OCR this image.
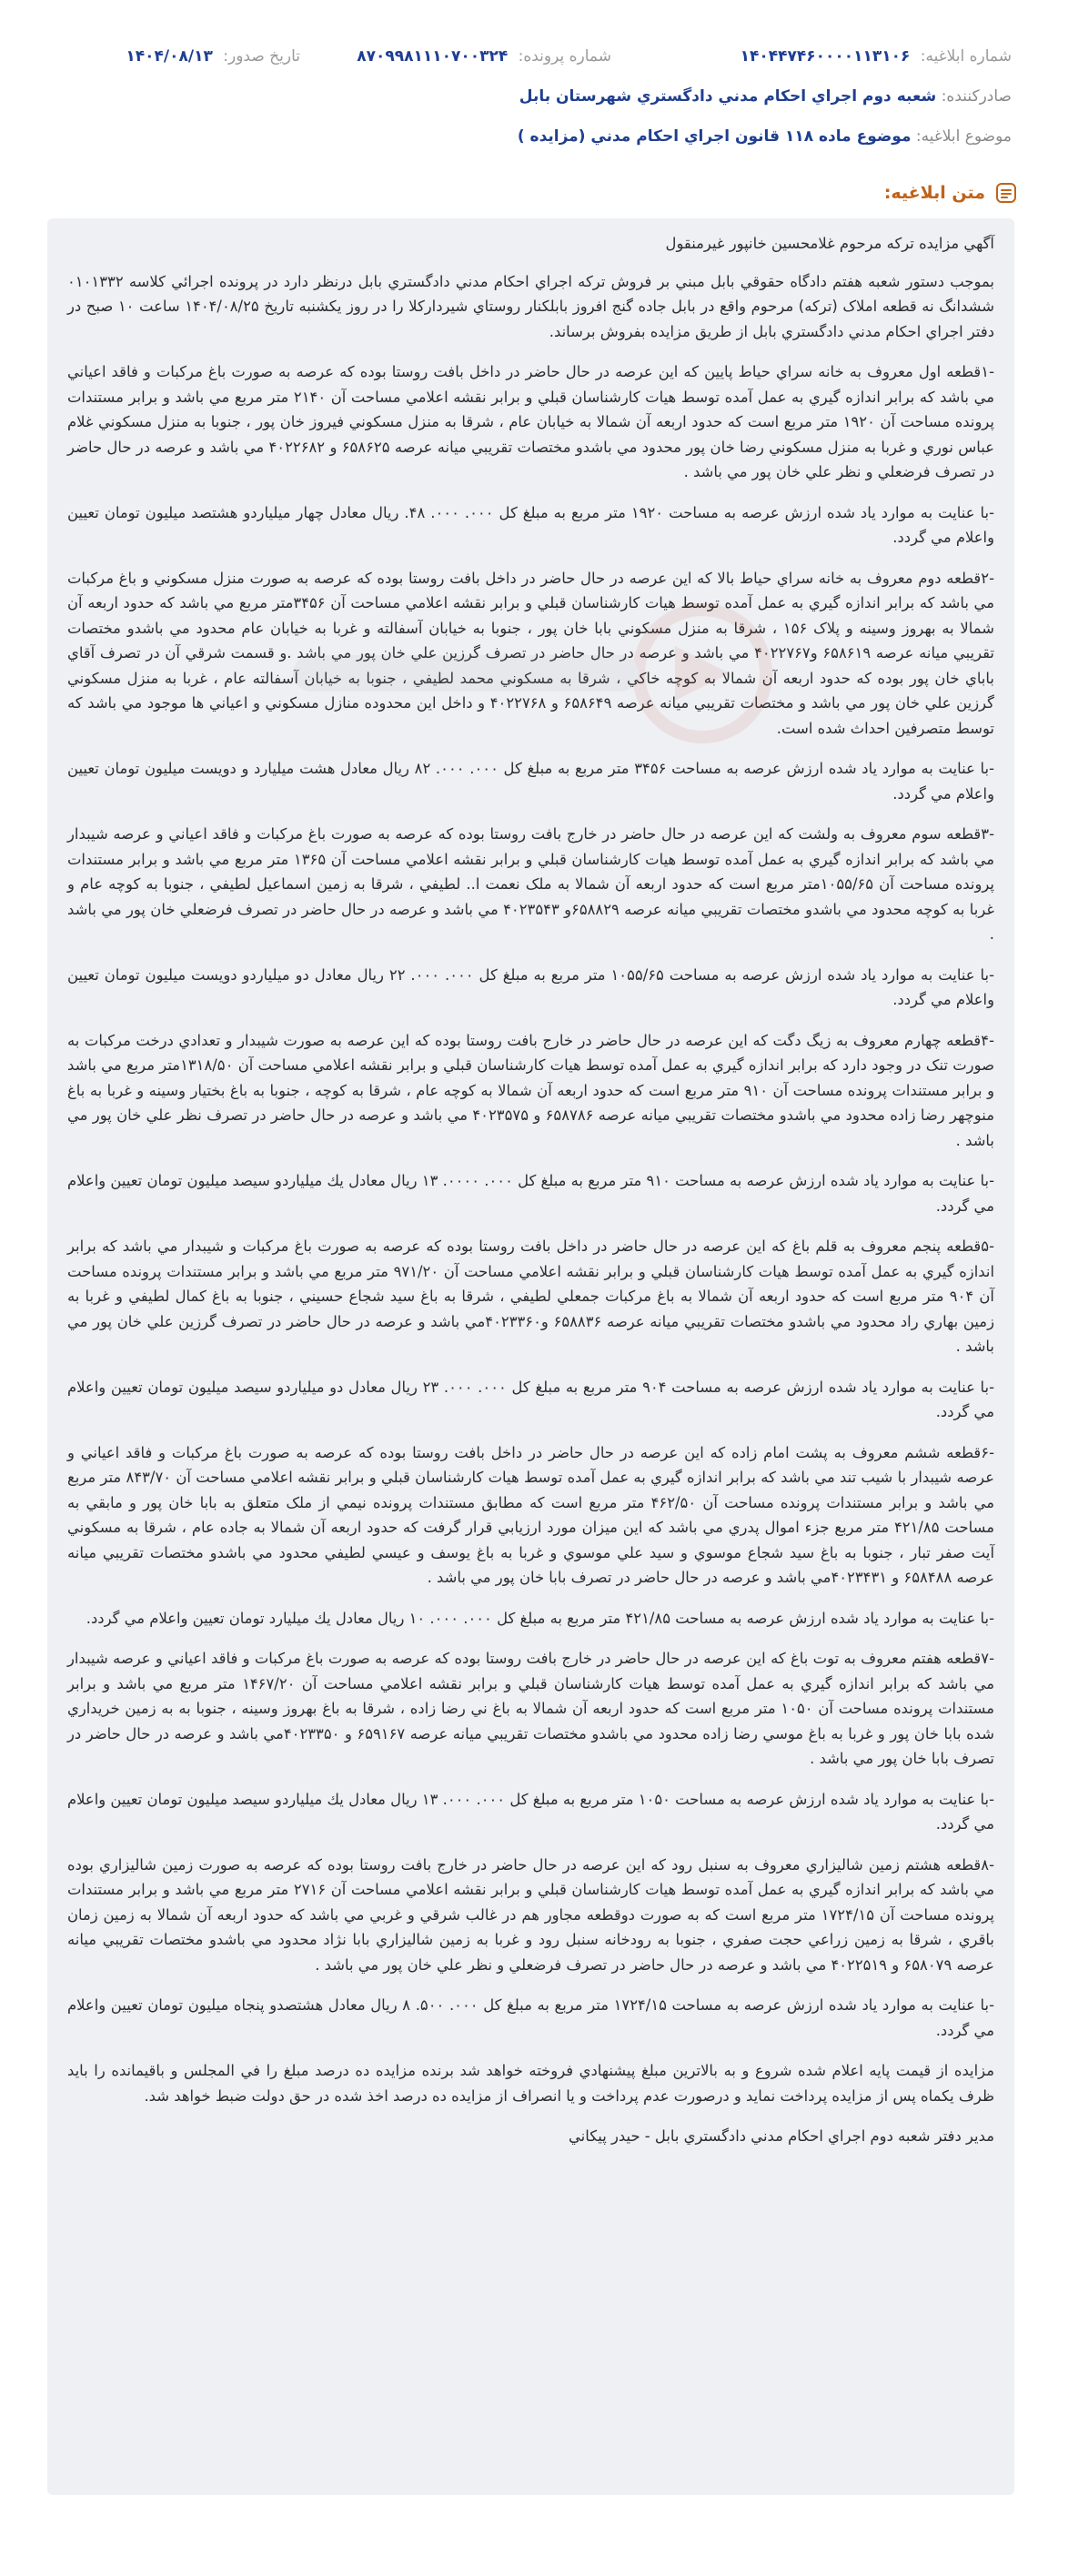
شماره ابلاغيه: ۱۴۰۴۴۷۴۶۰۰۰۰۱۱۳۱۰۶
شماره پرونده: ۸۷۰۹۹۸۱۱۱۰۷۰۰۳۲۴
تاريخ صدور: ۱۴۰۴/۰۸/۱۳
صادرکننده: شعبه دوم اجراي احکام مدني دادگستري شهرستان بابل
موضوع ابلاغيه: موضوع ماده ۱۱۸ قانون اجراي احکام مدني (مزايده )
متن ابلاغيه:

آگهي مزايده ترکه مرحوم غلامحسين خانپور غيرمنقول

بموجب دستور شعبه هفتم دادگاه حقوقي بابل مبني بر فروش ترکه اجراي احکام مدني دادگستري بابل درنظر دارد در پرونده اجرائي کلاسه ۰۱۰۱۳۳۲ ششدانگ نه قطعه املاک (ترکه) مرحوم واقع در بابل جاده گنج افروز بابلکنار روستاي شيرداركلا را در روز يكشنبه تاريخ ۱۴۰۴/۰۸/۲۵ ساعت ۱۰ صبح در دفتر اجراي احكام مدني دادگستري بابل از طريق مزايده بفروش برساند.

-۱قطعه اول معروف به خانه سراي حياط پايين که اين عرصه در حال حاضر در داخل بافت روستا بوده که عرصه به صورت باغ مرکبات و فاقد اعياني مي باشد که برابر اندازه گيري به عمل آمده توسط هيات کارشناسان قبلي و برابر نقشه اعلامي مساحت آن ۲۱۴۰ متر مربع مي باشد و برابر مستندات پرونده مساحت آن ۱۹۲۰ متر مربع است که حدود اربعه آن شمالا به خيابان عام ، شرقا به منزل مسکوني فيروز خان پور ، جنوبا به منزل مسکوني غلام عباس نوري و غربا به منزل مسکوني رضا خان پور محدود مي باشدو مختصات تقريبي ميانه عرصه ۶۵۸۶۲۵ و ۴۰۲۲۶۸۲ مي باشد و عرصه در حال حاضر در تصرف فرضعلي و نظر علي خان پور مي باشد .

-با عنايت به موارد ياد شده ارزش عرصه به مساحت ۱۹۲۰ متر مربع به مبلغ کل ۰۰۰. ۰۰۰. ۴۸. ريال معادل چهار ميلياردو هشتصد ميليون تومان تعيين واعلام مي گردد.

-۲قطعه دوم معروف به خانه سراي حياط بالا که اين عرصه در حال حاضر در داخل بافت روستا بوده که عرصه به صورت منزل مسکوني و باغ مرکبات مي باشد که برابر اندازه گيري به عمل آمده توسط هيات کارشناسان قبلي و برابر نقشه اعلامي مساحت آن ۳۴۵۶متر مربع مي باشد که حدود اربعه آن شمالا به بهروز وسينه و پلاک ۱۵۶ ، شرقا به منزل مسکوني بابا خان پور ، جنوبا به خيابان آسفالته و غربا به خيابان عام محدود مي باشدو مختصات تقريبي ميانه عرصه ۶۵۸۶۱۹ و۴۰۲۲۷۶۷ مي باشد و عرصه در حال حاضر در تصرف گرزين علي خان پور مي باشد .و قسمت شرقي آن در تصرف آقاي باباي خان پور بوده که حدود اربعه آن شمالا به کوچه خاکي ، شرقا به مسکوني محمد لطيفي ، جنوبا به خيابان آسفالته عام ، غربا به منزل مسکوني گرزين علي خان پور مي باشد و مختصات تقريبي ميانه عرصه ۶۵۸۶۴۹ و ۴۰۲۲۷۶۸ و داخل اين محدوده منازل مسکوني و اعياني ها موجود مي باشد که توسط متصرفين احداث شده است.

-با عنايت به موارد ياد شده ارزش عرصه به مساحت ۳۴۵۶ متر مربع به مبلغ کل ۰۰۰. ۰۰۰. ۸۲ ريال معادل هشت ميليارد و دويست ميليون تومان تعيين واعلام مي گردد.

-۳قطعه سوم معروف به ولشت که اين عرصه در حال حاضر در خارج بافت روستا بوده که عرصه به صورت باغ مرکبات و فاقد اعياني و عرصه شيبدار مي باشد که برابر اندازه گيري به عمل آمده توسط هيات کارشناسان قبلي و برابر نقشه اعلامي مساحت آن ۱۳۶۵ متر مربع مي باشد و برابر مستندات پرونده مساحت آن ۱۰۵۵/۶۵متر مربع است که حدود اربعه آن شمالا به ملک نعمت ا.. لطيفي ، شرقا به زمين اسماعيل لطيفي ، جنوبا به کوچه عام و غربا به کوچه محدود مي باشدو مختصات تقريبي ميانه عرصه ۶۵۸۸۲۹و ۴۰۲۳۵۴۳ مي باشد و عرصه در حال حاضر در تصرف فرضعلي خان پور مي باشد .

-با عنايت به موارد ياد شده ارزش عرصه به مساحت ۱۰۵۵/۶۵ متر مربع به مبلغ کل ۰۰۰. ۰۰۰. ۲۲ ريال معادل دو ميلياردو دويست ميليون تومان تعيين واعلام مي گردد.

-۴قطعه چهارم معروف به زيگ دگت که اين عرصه در حال حاضر در خارج بافت روستا بوده که اين عرصه به صورت شيبدار و تعدادي درخت مرکبات به صورت تنک در وجود دارد که برابر اندازه گيري به عمل آمده توسط هيات کارشناسان قبلي و برابر نقشه اعلامي مساحت آن ۱۳۱۸/۵۰متر مربع مي باشد و برابر مستندات پرونده مساحت آن ۹۱۰ متر مربع است که حدود اربعه آن شمالا به کوچه عام ، شرقا به کوچه ، جنوبا به باغ بختيار وسينه و غربا به باغ منوچهر رضا زاده محدود مي باشدو مختصات تقريبي ميانه عرصه ۶۵۸۷۸۶ و ۴۰۲۳۵۷۵ مي باشد و عرصه در حال حاضر در تصرف نظر علي خان پور مي باشد .

-با عنايت به موارد ياد شده ارزش عرصه به مساحت ۹۱۰ متر مربع به مبلغ کل ۰۰۰. ۰۰۰۰. ۱۳ ريال معادل يك ميلياردو سيصد ميليون تومان تعيين واعلام مي گردد.

-۵قطعه پنجم معروف به قلم باغ که اين عرصه در حال حاضر در داخل بافت روستا بوده که عرصه به صورت باغ مرکبات و شيبدار مي باشد که برابر اندازه گيري به عمل آمده توسط هيات کارشناسان قبلي و برابر نقشه اعلامي مساحت آن ۹۷۱/۲۰ متر مربع مي باشد و برابر مستندات پرونده مساحت آن ۹۰۴ متر مربع است که حدود اربعه آن شمالا به باغ مرکبات جمعلي لطيفي ، شرقا به باغ سيد شجاع حسيني ، جنوبا به باغ کمال لطيفي و غربا به زمين بهاري راد محدود مي باشدو مختصات تقريبي ميانه عرصه ۶۵۸۸۳۶ و۴۰۲۳۳۶۰مي باشد و عرصه در حال حاضر در تصرف گرزين علي خان پور مي باشد .

-با عنايت به موارد ياد شده ارزش عرصه به مساحت ۹۰۴ متر مربع به مبلغ کل ۰۰۰. ۰۰۰. ۲۳ ريال معادل دو ميلياردو سيصد ميليون تومان تعيين واعلام مي گردد.

-۶قطعه ششم معروف به پشت امام زاده که اين عرصه در حال حاضر در داخل بافت روستا بوده که عرصه به صورت باغ مرکبات و فاقد اعياني و عرصه شيبدار با شيب تند مي باشد که برابر اندازه گيري به عمل آمده توسط هيات کارشناسان قبلي و برابر نقشه اعلامي مساحت آن ۸۴۳/۷۰ متر مربع مي باشد و برابر مستندات پرونده مساحت آن ۴۶۲/۵۰ متر مربع است که مطابق مستندات پرونده نيمي از ملک متعلق به بابا خان پور و مابقي به مساحت ۴۲۱/۸۵ متر مربع جزء اموال پدري مي باشد که اين ميزان مورد ارزيابي قرار گرفت که حدود اربعه آن شمالا به جاده عام ، شرقا به مسکوني آيت صفر تبار ، جنوبا به باغ سيد شجاع موسوي و سيد علي موسوي و غربا به باغ يوسف و عيسي لطيفي محدود مي باشدو مختصات تقريبي ميانه عرصه ۶۵۸۴۸۸ و ۴۰۲۳۴۳۱مي باشد و عرصه در حال حاضر در تصرف بابا خان پور مي باشد .

-با عنايت به موارد ياد شده ارزش عرصه به مساحت ۴۲۱/۸۵ متر مربع به مبلغ کل ۰۰۰. ۰۰۰. ۱۰ ريال معادل يك ميليارد تومان تعيين واعلام مي گردد.

-۷قطعه هفتم معروف به توت باغ که اين عرصه در حال حاضر در خارج بافت روستا بوده که عرصه به صورت باغ مرکبات و فاقد اعياني و عرصه شيبدار مي باشد که برابر اندازه گيري به عمل آمده توسط هيات کارشناسان قبلي و برابر نقشه اعلامي مساحت آن ۱۴۶۷/۲۰ متر مربع مي باشد و برابر مستندات پرونده مساحت آن ۱۰۵۰ متر مربع است که حدود اربعه آن شمالا به باغ ني رضا زاده ، شرقا به باغ بهروز وسينه ، جنوبا به به زمين خريداري شده بابا خان پور و غربا به باغ موسي رضا زاده محدود مي باشدو مختصات تقريبي ميانه عرصه ۶۵۹۱۶۷ و ۴۰۲۳۳۵۰مي باشد و عرصه در حال حاضر در تصرف بابا خان پور مي باشد .

-با عنايت به موارد ياد شده ارزش عرصه به مساحت ۱۰۵۰ متر مربع به مبلغ کل ۰۰۰. ۰۰۰. ۱۳ ريال معادل يك ميلياردو سيصد ميليون تومان تعيين واعلام مي گردد.

-۸قطعه هشتم زمين شاليزاري معروف به سنبل رود که اين عرصه در حال حاضر در خارج بافت روستا بوده که عرصه به صورت زمين شاليزاري بوده مي باشد که برابر اندازه گيري به عمل آمده توسط هيات کارشناسان قبلي و برابر نقشه اعلامي مساحت آن ۲۷۱۶ متر مربع مي باشد و برابر مستندات پرونده مساحت آن ۱۷۲۴/۱۵ متر مربع است که به صورت دوقطعه مجاور هم در غالب شرقي و غربي مي باشد که حدود اربعه آن شمالا به زمين زمان باقري ، شرقا به زمين زراعي حجت صفري ، جنوبا به رودخانه سنبل رود و غربا به زمين شاليزاري بابا نژاد محدود مي باشدو مختصات تقريبي ميانه عرصه ۶۵۸۰۷۹ و ۴۰۲۲۵۱۹ مي باشد و عرصه در حال حاضر در تصرف فرضعلي و نظر علي خان پور مي باشد .

-با عنايت به موارد ياد شده ارزش عرصه به مساحت ۱۷۲۴/۱۵ متر مربع به مبلغ کل ۰۰۰. ۵۰۰. ۸ ريال معادل هشتصدو پنجاه ميليون تومان تعيين واعلام مي گردد.

مزايده از قيمت پايه اعلام شده شروع و به بالاترين مبلغ پيشنهادي فروخته خواهد شد برنده مزايده ده درصد مبلغ را في المجلس و باقيمانده را بايد ظرف يکماه پس از مزايده پرداخت نمايد و درصورت عدم پرداخت و يا انصراف از مزايده ده درصد اخذ شده در حق دولت ضبط خواهد شد.

مدير دفتر شعبه دوم اجراي احکام مدني دادگستري بابل - حيدر پيکاني
